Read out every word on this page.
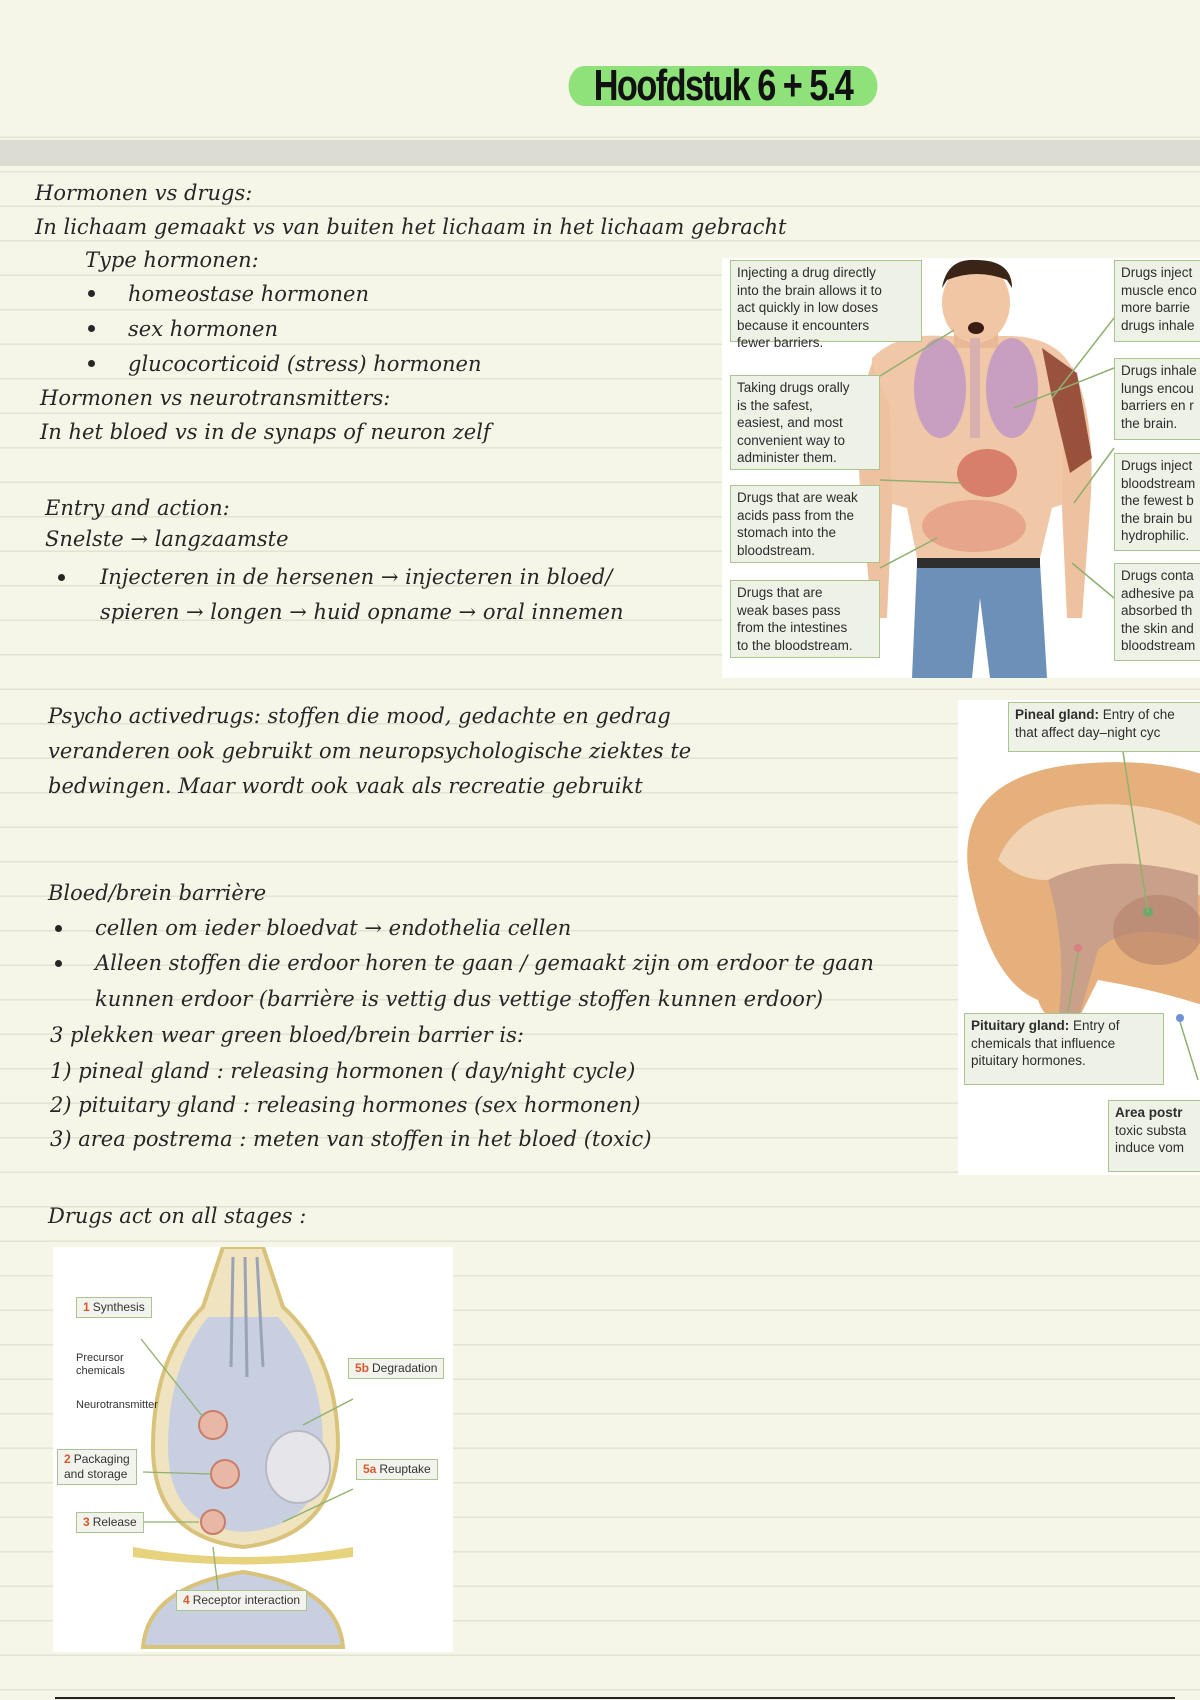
Hoofdstuk 6 + 5.4
Hormonen vs drugs:
In lichaam gemaakt vs van buiten het lichaam in het lichaam gebracht
Type hormonen:
homeostase hormonen
sex hormonen
glucocorticoid (stress) hormonen
Hormonen vs neurotransmitters:
In het bloed vs in de synaps of neuron zelf
Entry and action:
Snelste → langzaamste
Injecteren in de hersenen → injecteren in bloed/
spieren → longen → huid opname → oral innemen
Injecting a drug directly
into the brain allows it to
act quickly in low doses
because it encounters
fewer barriers.
Taking drugs orally
is the safest,
easiest, and most
convenient way to
administer them.
Drugs that are weak
acids pass from the
stomach into the
bloodstream.
Drugs that are
weak bases pass
from the intestines
to the bloodstream.
Drugs inject
muscle enco
more barrie
drugs inhale
Drugs inhale
lungs encou
barriers en r
the brain.
Drugs inject
bloodstream
the fewest b
the brain bu
hydrophilic.
Drugs conta
adhesive pa
absorbed th
the skin and
bloodstream
Psycho activedrugs: stoffen die mood, gedachte en gedrag
veranderen ook gebruikt om neuropsychologische ziektes te
bedwingen. Maar wordt ook vaak als recreatie gebruikt
Pineal gland: Entry of che
that affect day–night cyc
Pituitary gland: Entry of
chemicals that influence
pituitary hormones.
Area postr
toxic substa
induce vom
Bloed/brein barrière
cellen om ieder bloedvat → endothelia cellen
Alleen stoffen die erdoor horen te gaan / gemaakt zijn om erdoor te gaan
kunnen erdoor (barrière is vettig dus vettige stoffen kunnen erdoor)
3 plekken wear green bloed/brein barrier is:
1) pineal gland : releasing hormonen ( day/night cycle)
2) pituitary gland : releasing hormones (sex hormonen)
3) area postrema : meten van stoffen in het bloed (toxic)
Drugs act on all stages :
1 Synthesis
Precursor
chemicals
Neurotransmitter
2 Packaging
and storage
3 Release
4 Receptor interaction
5b Degradation
5a Reuptake
